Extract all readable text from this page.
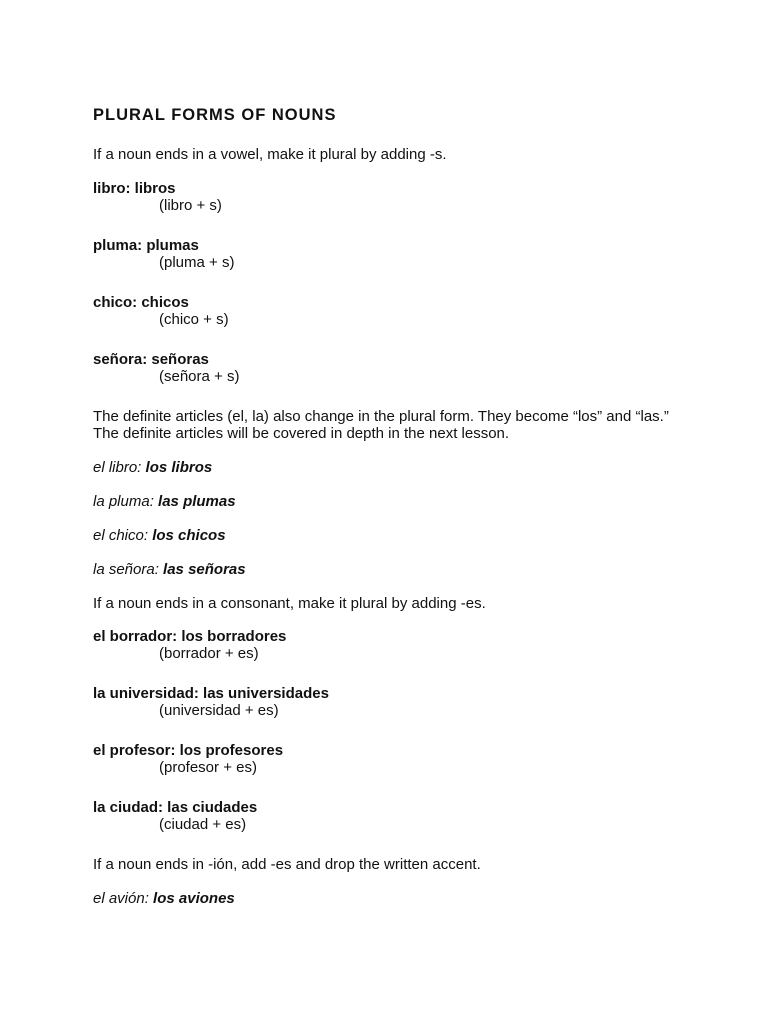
PLURAL FORMS OF NOUNS
If a noun ends in a vowel, make it plural by adding -s.
libro: libros
(libro + s)
pluma: plumas
(pluma + s)
chico: chicos
(chico + s)
señora: señoras
(señora + s)
The definite articles (el, la) also change in the plural form. They become “los” and “las.” The definite articles will be covered in depth in the next lesson.
el libro: los libros
la pluma: las plumas
el chico: los chicos
la señora: las señoras
If a noun ends in a consonant, make it plural by adding -es.
el borrador: los borradores
(borrador + es)
la universidad: las universidades
(universidad + es)
el profesor: los profesores
(profesor + es)
la ciudad: las ciudades
(ciudad + es)
If a noun ends in -ión, add -es and drop the written accent.
el avión: los aviones
